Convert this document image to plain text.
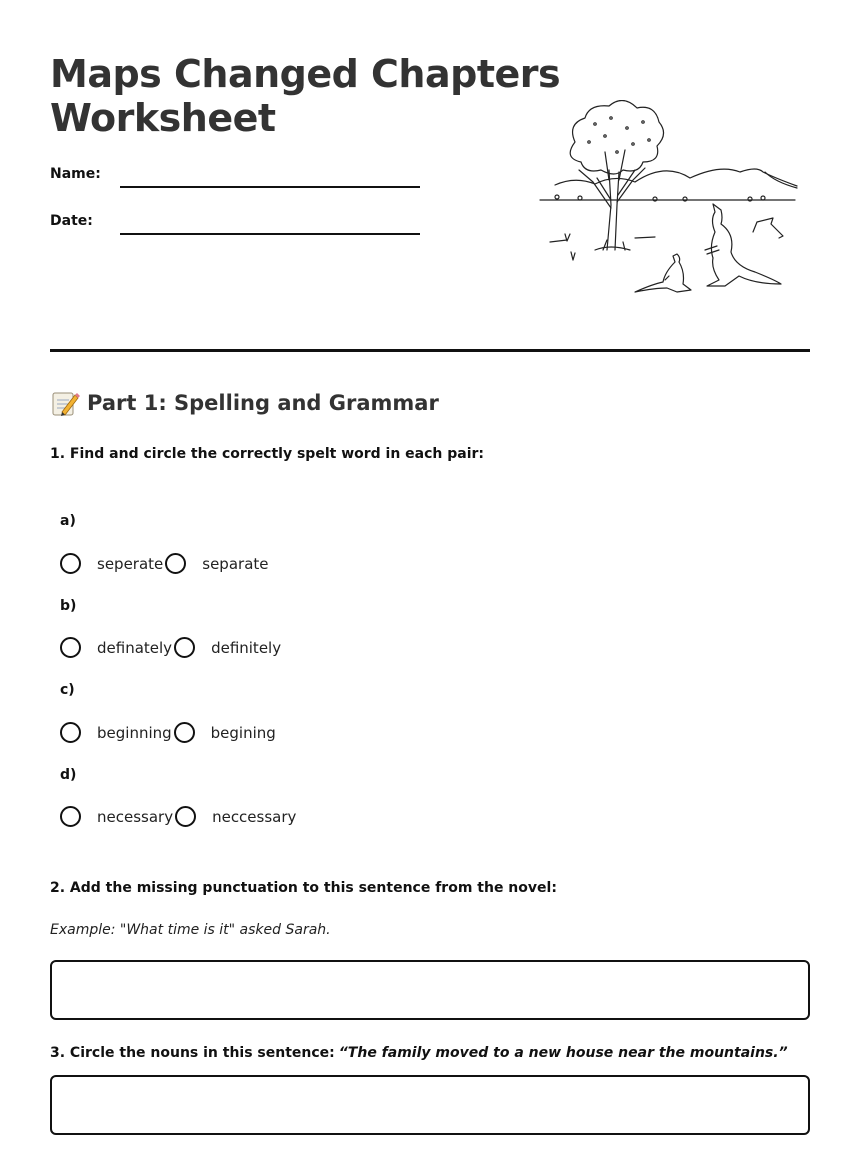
Maps Changed Chapters
Worksheet
Name:
Date:
Part 1: Spelling and Grammar

1. Find and circle the correctly spelt word in each pair:

a)
seperate	separate
b)
definately	definitely
c)
beginning	begining
d)
necessary	neccessary

2. Add the missing punctuation to this sentence from the novel:

Example: "What time is it" asked Sarah.

3. Circle the nouns in this sentence: “The family moved to a new house near the mountains.”
